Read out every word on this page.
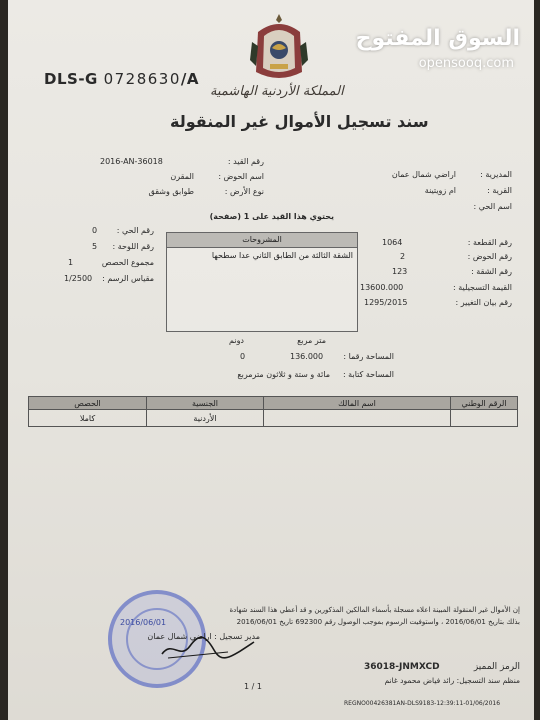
السوق المفتوح
opensooq.com
DLS-G 0728630/A
المملكة الأردنية الهاشمية
سند تسجيل الأموال غير المنقولة
رقم القيد :
2016-AN-36018
اسم الحوض :
المقرن
نوع الأرض :
طوابق وشقق
المديرية :
اراضي شمال عمان
القرية :
ام زويتينة
اسم الحي :
يحتوي هذا القيد على 1 (صفحة)
رقم الحي :
0
رقم اللوحة :
5
مجموع الحصص
1
مقياس الرسم :
1/2500
المشروحات
الشقة الثالثة من الطابق الثاني عدا سطحها
رقم القطعة :
1064
رقم الحوض :
2
رقم الشقة :
123
القيمة التسجيلية :
13600.000
رقم بيان التغيير :
1295/2015
دونم	متر مربع
المساحة رقما :
0	136.000
المساحة كتابة :
مائة و ستة و ثلاثون مترمربع
الرقم الوطني	اسم المالك	الجنسية	الحصص
		الأردنية	كاملا
إن الأموال غير المنقولة المبينة اعلاه مسجلة بأسماء المالكين المذكورين و قد أعطي هذا السند شهادة
بذلك بتاريخ 2016/06/01 ، واستوفيت الرسوم بموجب الوصول رقم 692300 تاريخ 2016/06/01
2016/06/01
مدير تسجيل : اراضي شمال عمان
1 / 1
الرمز المميز
36018-JNMXCD
منظم سند التسجيل: رائد فياض محمود غانم
REGNO00426381AN-DLS9183-12:39:11-01/06/2016
